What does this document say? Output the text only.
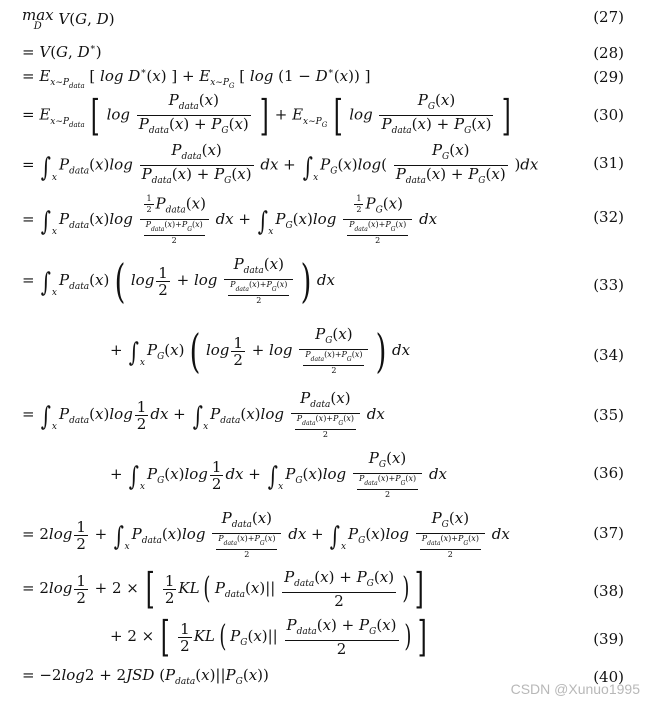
max
D	V(G, D)	(27)
= V(G, D∗)	(28)
= $E_{x\sim P_{data}}$ [ log D∗(x) ] + $E_{x\sim P_G}$ [ log (1 − D∗(x)) ]	(29)
= $E_{x\sim P_{data}}$ [ $\log \frac{P_{data}(x)}{P_{data}(x) + P_G(x)}$ ] + $E_{x\sim P_G}$ [ $\log \frac{P_G(x)}{P_{data}(x) + P_G(x)}$ ]	(30)
= $\int_xP_{data}(x)\log \frac{P_{data}(x)}{P_{data}(x) + P_G(x)}$ dx + $\int_xP_G(x)\log( \frac{P_G(x)}{P_{data}(x) + P_G(x)} )dx$	(31)
= $\int_xP_{data}(x)\log \frac{\frac{1}{2} P_{data}(x)}{\frac{P_{data}(x)+P_G(x)}{2}}$ dx + $\int_xP_G(x)\log \frac{\frac{1}{2} P_G(x)}{\frac{P_{data}(x)+P_G(x)}{2}}$ dx	(32)
= $\int_xP_{data}(x)$ ( $\log \frac{1}{2} + \log \frac{P_{data}(x)}{\frac{P_{data}(x)+P_G(x)}{2}}$ ) dx	(33)
+ $\int_xP_G(x)$ ( $\log \frac{1}{2} + \log \frac{P_G(x)}{\frac{P_{data}(x)+P_G(x)}{2}}$ ) dx	(34)
= $\int_xP_{data}(x)\log \frac{1}{2}$ dx + $\int_xP_{data}(x)\log \frac{P_{data}(x)}{\frac{P_{data}(x)+P_G(x)}{2}}$ dx	(35)
+ $\int_xP_G(x)\log \frac{1}{2}$ dx + $\int_xP_G(x)\log \frac{P_G(x)}{\frac{P_{data}(x)+P_G(x)}{2}}$ dx	(36)
= $2\log \frac{1}{2} + \int_xP_{data}(x)\log \frac{P_{data}(x)}{\frac{P_{data}(x)+P_G(x)}{2}}$ dx + $\int_xP_G(x)\log \frac{P_G(x)}{\frac{P_{data}(x)+P_G(x)}{2}}$ dx	(37)
= $2\log \frac{1}{2} + 2$ × [ $\frac{1}{2}$ KL ( $P_{data}(x)|| \frac{P_{data}(x) + P_G(x)}{2}$ ) ]	(38)
+ 2 × [ $\frac{1}{2}$ KL ( $P_G(x)|| \frac{P_{data}(x) + P_G(x)}{2}$ ) ]	(39)
= −2log2 + 2JSD $(P_{data}(x)||P_G(x))$	(40)
CSDN @Xunuo1995
